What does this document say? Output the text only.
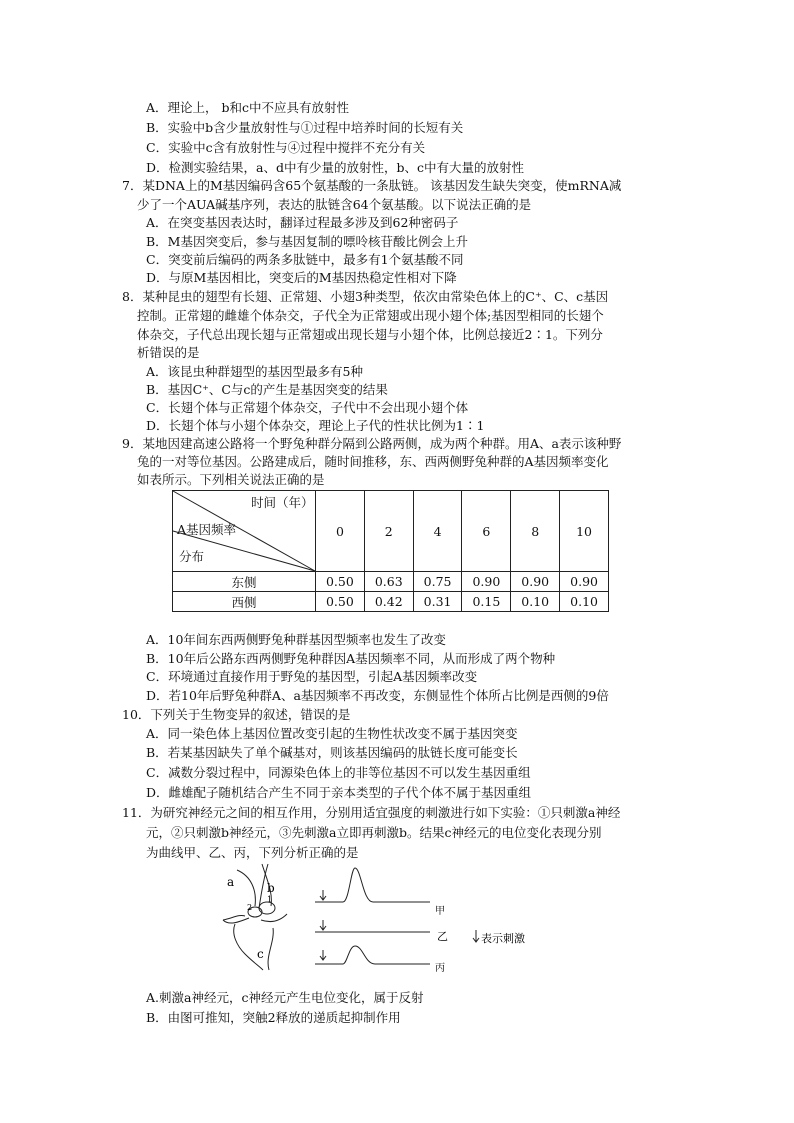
A．理论上， b和c中不应具有放射性
B．实验中b含少量放射性与①过程中培养时间的长短有关
C．实验中c含有放射性与④过程中搅拌不充分有关
D．检测实验结果，a、d中有少量的放射性，b、c中有大量的放射性
7．某DNA上的M基因编码含65个氨基酸的一条肽链。 该基因发生缺失突变，使mRNA减
少了一个AUA碱基序列，表达的肽链含64个氨基酸。以下说法正确的是
A．在突变基因表达时，翻译过程最多涉及到62种密码子
B．M基因突变后，参与基因复制的嘌呤核苷酸比例会上升
C．突变前后编码的两条多肽链中，最多有1个氨基酸不同
D．与原M基因相比，突变后的M基因热稳定性相对下降
8．某种昆虫的翅型有长翅、正常翅、小翅3种类型，依次由常染色体上的C⁺、C、c基因
控制。正常翅的雌雄个体杂交，子代全为正常翅或出现小翅个体;基因型相同的长翅个
体杂交，子代总出现长翅与正常翅或出现长翅与小翅个体，比例总接近2∶1。下列分
析错误的是
A．该昆虫种群翅型的基因型最多有5种
B．基因C⁺、C与c的产生是基因突变的结果
C．长翅个体与正常翅个体杂交，子代中不会出现小翅个体
D．长翅个体与小翅个体杂交，理论上子代的性状比例为1∶1
9．某地因建高速公路将一个野兔种群分隔到公路两侧，成为两个种群。用A、a表示该种野
兔的一对等位基因。公路建成后，随时间推移，东、西两侧野兔种群的A基因频率变化
如表所示。下列相关说法正确的是
时间（年）
A基因频率
分布	0	2	4	6	8	10
东侧	0.50	0.63	0.75	0.90	0.90	0.90
西侧	0.50	0.42	0.31	0.15	0.10	0.10
A．10年间东西两侧野兔种群基因型频率也发生了改变
B．10年后公路东西两侧野兔种群因A基因频率不同，从而形成了两个物种
C．环境通过直接作用于野兔的基因型，引起A基因频率改变
D．若10年后野兔种群A、a基因频率不再改变，东侧显性个体所占比例是西侧的9倍
10．下列关于生物变异的叙述，错误的是
A．同一染色体上基因位置改变引起的生物性状改变不属于基因突变
B．若某基因缺失了单个碱基对，则该基因编码的肽链长度可能变长
C．减数分裂过程中，同源染色体上的非等位基因不可以发生基因重组
D．雌雄配子随机结合产生不同于亲本类型的子代个体不属于基因重组
11．为研究神经元之间的相互作用，分别用适宜强度的刺激进行如下实验：①只刺激a神经
元，②只刺激b神经元，③先刺激a立即再刺激b。结果c神经元的电位变化表现分别
为曲线甲、乙、丙，下列分析正确的是
a	b
c
1
2	甲
乙
丙
表示刺激
A.刺激a神经元，c神经元产生电位变化，属于反射
B．由图可推知，突触2释放的递质起抑制作用
